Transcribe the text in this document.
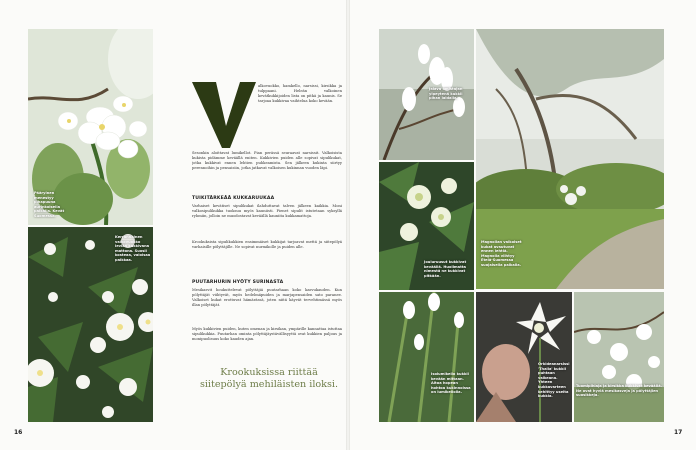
Pääryinen menestyy pihapuuna aurinkoisella paikalla. Kevät Suomessa.
Kerrannainen valkovuokko leviää kukkivana mattona. Suosii kosteaa, valoisaa paikkaa.
alkovuokko, hamkello, narsissi, kirsikka ja tulppaani. Heleän valkoinen kevätkukkijoiden lista on pitkä ja kaunis. Se tarjoaa kukkivaa vaihtelua koko kevään.
Sesonkin aloittavat lumikellot. Pian perässä seuraavat narsissit. Valkoisista kukista pidämme keväällä eniten. Kukkivien puiden alle sopivat sipulikukat, jotka kukkivat ennen lehtien puhkeamista. Sen jälkeen kukinta siirtyy perennoihin ja pensaisiin, jotka jatkavat valkoisen kukinnan vuoden läpi.
TUIKITÄRKEÄÄ KUKKARUUKAA
Varhaiset kevätiset sipulikukat ilahduttavat talven jälkeen kaikkia. Moni valkosipulikukka tuoksuu myös kauniisti. Pienet sipulit istutetaan syksyllä ryhmiin, jolloin ne muodostavat keväällä kauniita kukkamattoja.
Krookuksista sipulikukkien ensimmäiset kukkijat tarjoavat mettä ja siitepölyä varhaisille pölyttäjille. Ne sopivat nurmikolle ja puiden alle.
PUUTARHURIN HYÖTY SURINASTA
Mesikasvit houkuttelevat pölyttäjiä puutarhaan koko kasvukauden. Kun pölyttäjät viihtyvät, myös hedelmäpuiden ja marjapensaiden sato paranee. Valkoiset kukat erottuvat hämärässä, joten niitä käyvät tervehtimässä myös illan pölyttäjät.
Myös kukkivien puiden, kuten omenan ja kirsikan, ympärille kannattaa istuttaa sipulikukkia. Puutarhan ominta pölyttäjäystävällisyyttä ovat kukkien paljous ja monipuolisuus koko kauden ajan.
Krookuksissa riittää siitepölyä mehiläisten iloksi.
16
Jalava omistajan ylpeytenä kukkii pihan laidalla.
Magnolian valkoiset kukat avautuvat ennen lehtiä. Magnolia viihtyy Etelä-Suomessa suojaisella paikalla.
Jouluruusut kukkivat keväällä. Huolimatta nimestä ne kukkivat pitkään.
Isolumikello kukkii kevään mittaan. Aitoa hopean hohtoa kukinnoissa on lumikellolla.
Orkideanarsissi 'Thalia' kukkii puhtaan valkeana. Yhteen kukkavarteen kehittyy useita kukkia.
Tuomipihlaja ja kirsikka kukkivat keväällä. Ne ovat hyviä mesikasveja ja pölyttäjien suosikkeja.
17
